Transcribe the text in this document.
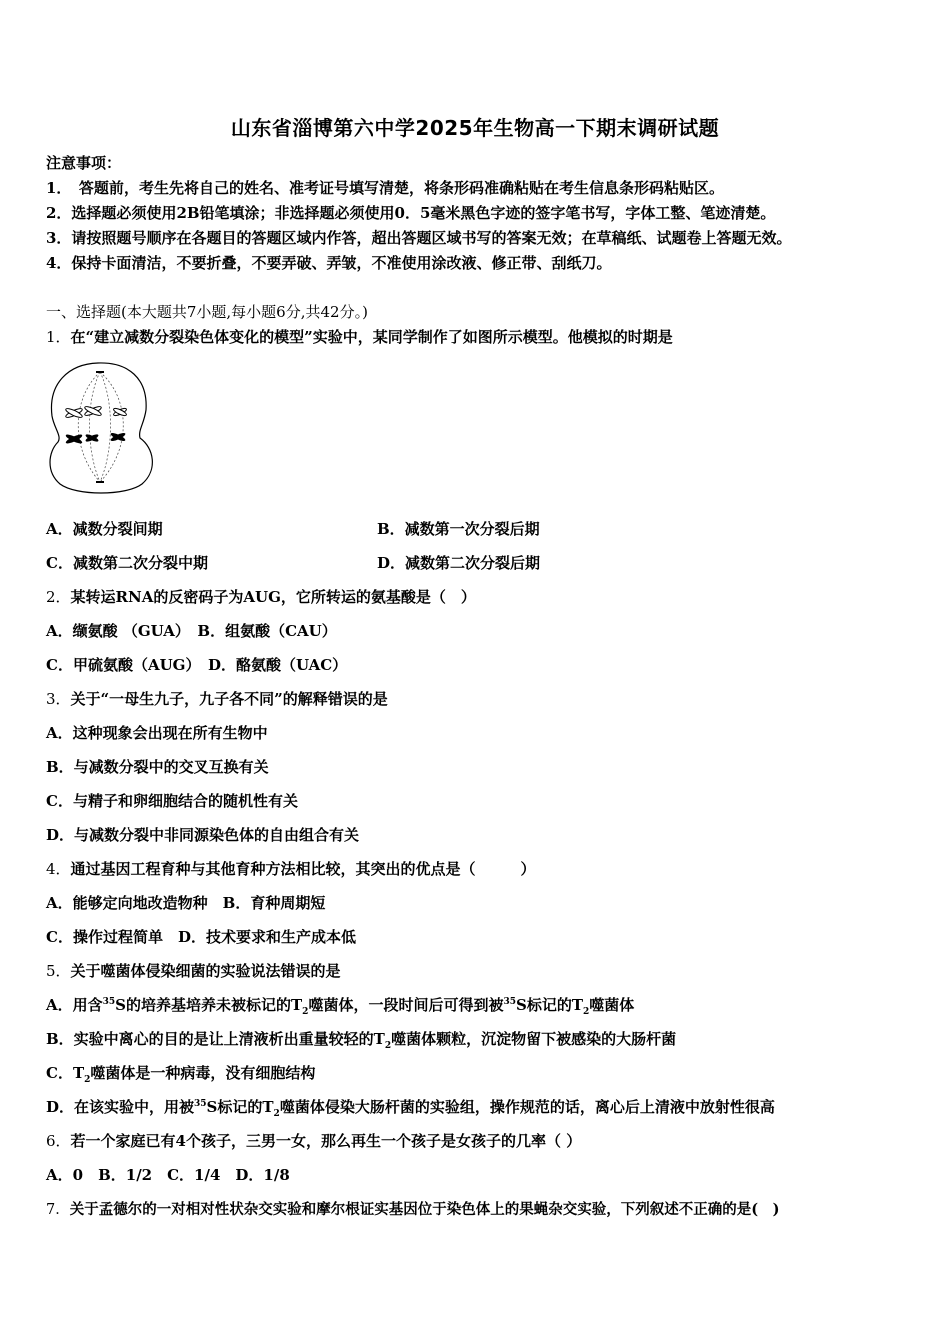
山东省淄博第六中学2025年生物高一下期末调研试题
注意事项：
1．　答题前，考生先将自己的姓名、准考证号填写清楚，将条形码准确粘贴在考生信息条形码粘贴区。
2．选择题必须使用2B铅笔填涂；非选择题必须使用0．5毫米黑色字迹的签字笔书写，字体工整、笔迹清楚。
3．请按照题号顺序在各题目的答题区域内作答，超出答题区域书写的答案无效；在草稿纸、试题卷上答题无效。
4．保持卡面清洁，不要折叠，不要弄破、弄皱，不准使用涂改液、修正带、刮纸刀。
一、选择题(本大题共7小题,每小题6分,共42分。)
1．在“建立减数分裂染色体变化的模型”实验中，某同学制作了如图所示模型。他模拟的时期是
A．减数分裂间期	B．减数第一次分裂后期
C．减数第二次分裂中期	D．减数第二次分裂后期
2．某转运RNA的反密码子为AUG，它所转运的氨基酸是（　）
A．缬氨酸 （GUA）　B．组氨酸（CAU）
C．甲硫氨酸（AUG）　D．酪氨酸（UAC）
3．关于“一母生九子，九子各不同”的解释错误的是
A．这种现象会出现在所有生物中
B．与减数分裂中的交叉互换有关
C．与精子和卵细胞结合的随机性有关
D．与减数分裂中非同源染色体的自由组合有关
4．通过基因工程育种与其他育种方法相比较，其突出的优点是（　　　）
A．能够定向地改造物种　B．育种周期短
C．操作过程简单　D．技术要求和生产成本低
5．关于噬菌体侵染细菌的实验说法错误的是
A．用含$^{35}$S的培养基培养未被标记的$T_2$噬菌体，一段时间后可得到被$^{35}$S标记的$T_2$噬菌体
B．实验中离心的目的是让上清液析出重量较轻的$T_2$噬菌体颗粒，沉淀物留下被感染的大肠杆菌
C．$T_2$噬菌体是一种病毒，没有细胞结构
D．在该实验中，用被$^{35}$S标记的$T_2$噬菌体侵染大肠杆菌的实验组，操作规范的话，离心后上清液中放射性很高
6．若一个家庭已有4个孩子，三男一女，那么再生一个孩子是女孩子的几率（ ）
A．0　B．1/2　C．1/4　D．1/8
7．关于孟德尔的一对相对性状杂交实验和摩尔根证实基因位于染色体上的果蝇杂交实验，下列叙述不正确的是(　)
